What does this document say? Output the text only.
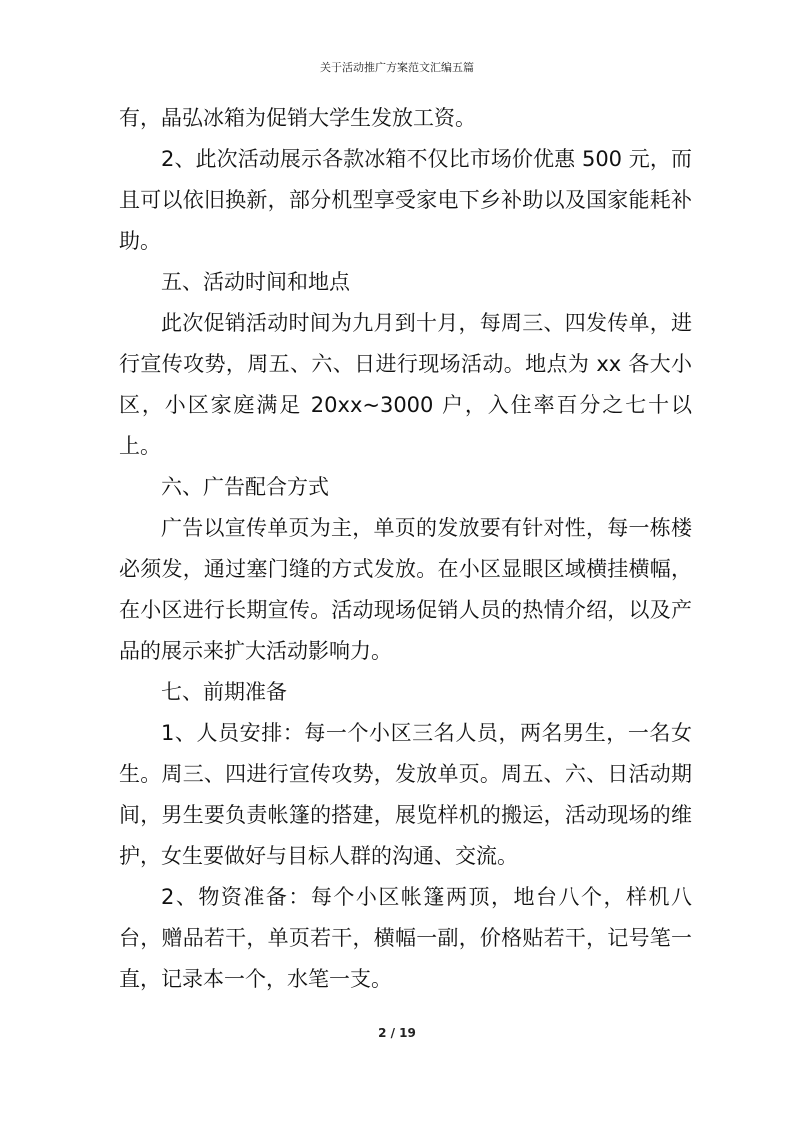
关于活动推广方案范文汇编五篇

有，晶弘冰箱为促销大学生发放工资。

2、此次活动展示各款冰箱不仅比市场价优惠 500 元，而且可以依旧换新，部分机型享受家电下乡补助以及国家能耗补助。

五、活动时间和地点

此次促销活动时间为九月到十月，每周三、四发传单，进行宣传攻势，周五、六、日进行现场活动。地点为 xx 各大小区，小区家庭满足 20xx~3000 户，入住率百分之七十以上。

六、广告配合方式

广告以宣传单页为主，单页的发放要有针对性，每一栋楼必须发，通过塞门缝的方式发放。在小区显眼区域横挂横幅，在小区进行长期宣传。活动现场促销人员的热情介绍，以及产品的展示来扩大活动影响力。

七、前期准备

1、人员安排：每一个小区三名人员，两名男生，一名女生。周三、四进行宣传攻势，发放单页。周五、六、日活动期间，男生要负责帐篷的搭建，展览样机的搬运，活动现场的维护，女生要做好与目标人群的沟通、交流。

2、物资准备：每个小区帐篷两顶，地台八个，样机八台，赠品若干，单页若干，横幅一副，价格贴若干，记号笔一直，记录本一个，水笔一支。

2 / 19
